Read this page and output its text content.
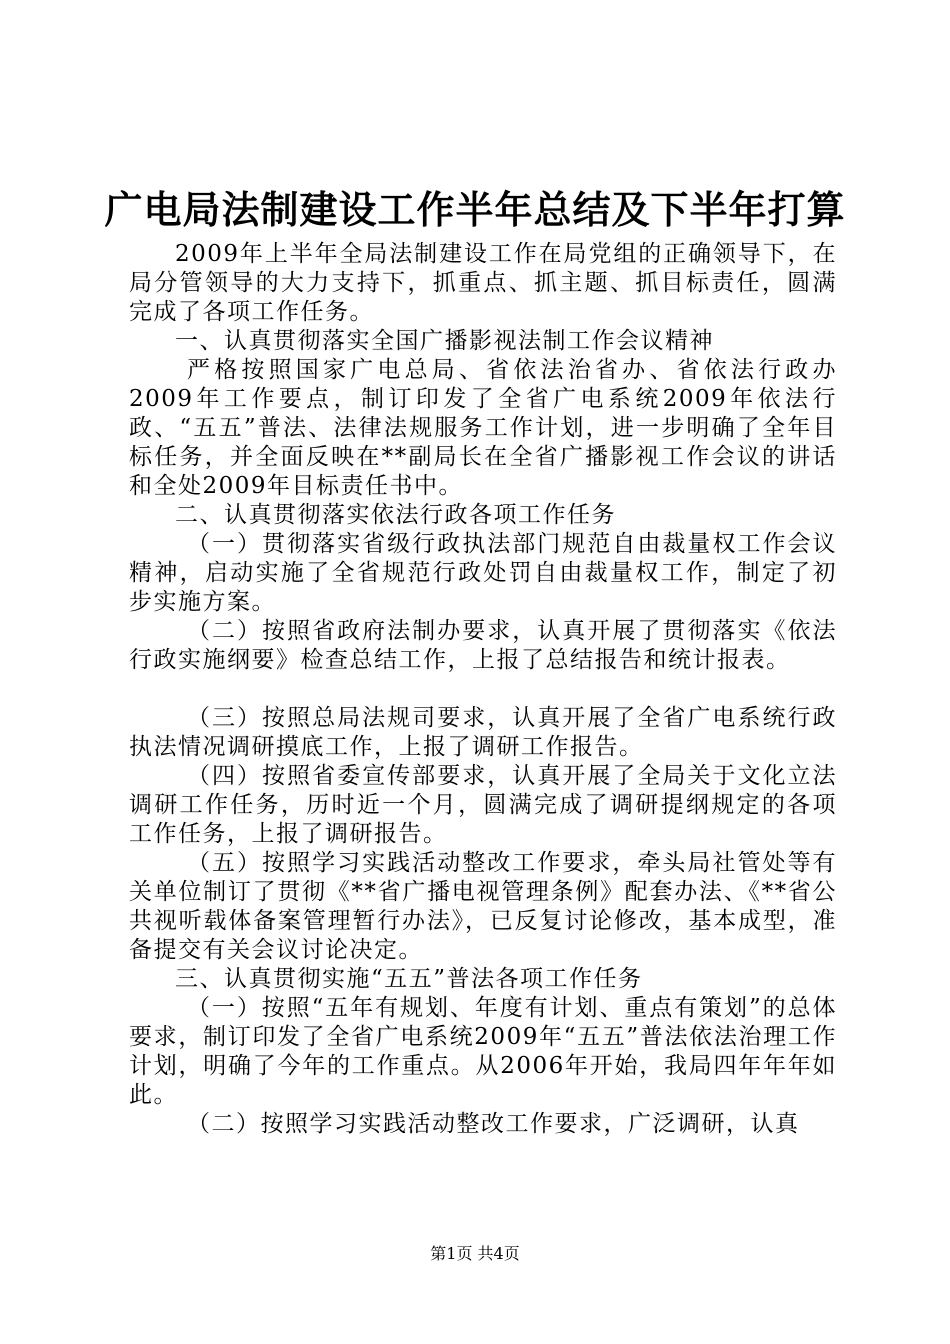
广电局法制建设工作半年总结及下半年打算

2009年上半年全局法制建设工作在局党组的正确领导下，在局分管领导的大力支持下，抓重点、抓主题、抓目标责任，圆满完成了各项工作任务。

一、认真贯彻落实全国广播影视法制工作会议精神

严格按照国家广电总局、省依法治省办、省依法行政办2009年工作要点，制订印发了全省广电系统2009年依法行政、“五五”普法、法律法规服务工作计划，进一步明确了全年目标任务，并全面反映在**副局长在全省广播影视工作会议的讲话和全处2009年目标责任书中。

二、认真贯彻落实依法行政各项工作任务

（一）贯彻落实省级行政执法部门规范自由裁量权工作会议精神，启动实施了全省规范行政处罚自由裁量权工作，制定了初步实施方案。

（二）按照省政府法制办要求，认真开展了贯彻落实《依法行政实施纲要》检查总结工作，上报了总结报告和统计报表。

（三）按照总局法规司要求，认真开展了全省广电系统行政执法情况调研摸底工作，上报了调研工作报告。

（四）按照省委宣传部要求，认真开展了全局关于文化立法调研工作任务，历时近一个月，圆满完成了调研提纲规定的各项工作任务，上报了调研报告。

（五）按照学习实践活动整改工作要求，牵头局社管处等有关单位制订了贯彻《**省广播电视管理条例》配套办法、《**省公共视听载体备案管理暂行办法》，已反复讨论修改，基本成型，准备提交有关会议讨论决定。

三、认真贯彻实施“五五”普法各项工作任务

（一）按照“五年有规划、年度有计划、重点有策划”的总体要求，制订印发了全省广电系统2009年“五五”普法依法治理工作计划，明确了今年的工作重点。从2006年开始，我局四年年年如此。

（二）按照学习实践活动整改工作要求，广泛调研，认真

第1页 共4页
